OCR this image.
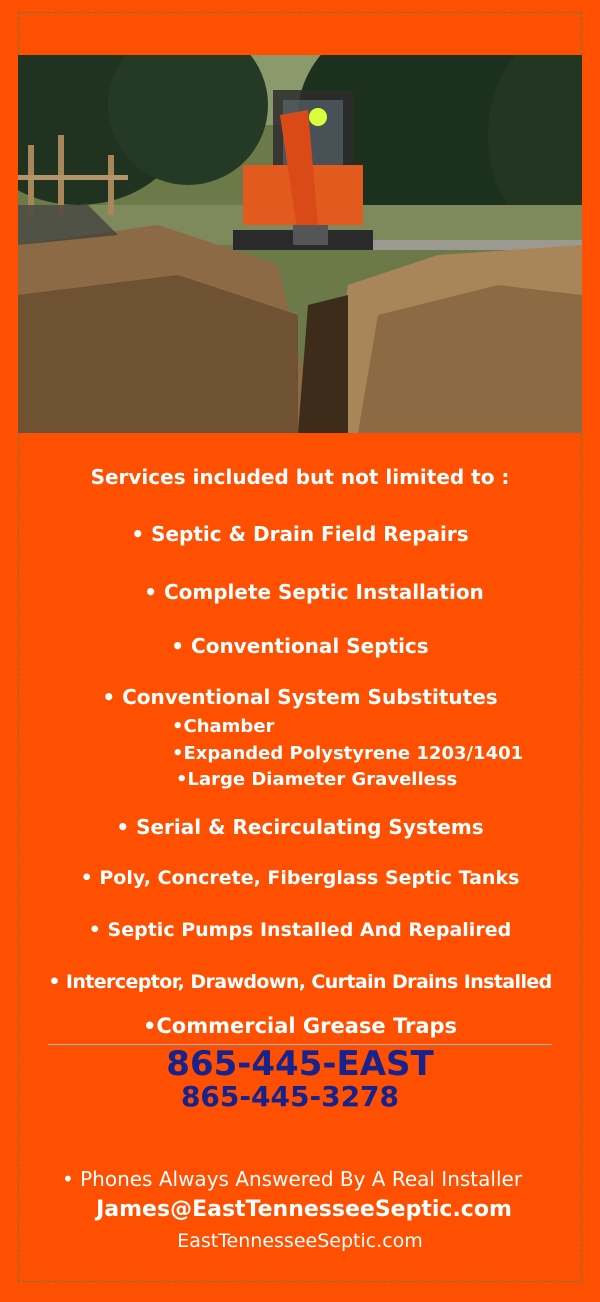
Services included but not limited to :
• Septic & Drain Field Repairs
• Complete Septic Installation
• Conventional Septics
• Conventional System Substitutes
•Chamber
•Expanded Polystyrene 1203/1401
•Large Diameter Gravelless
• Serial & Recirculating Systems
• Poly, Concrete, Fiberglass Septic Tanks
• Septic Pumps Installed And Repalired
• Interceptor, Drawdown, Curtain Drains Installed
•Commercial Grease Traps
865-445-EAST
865-445-3278
• Phones Always Answered By A Real Installer
James@EastTennesseeSeptic.com
EastTennesseeSeptic.com
